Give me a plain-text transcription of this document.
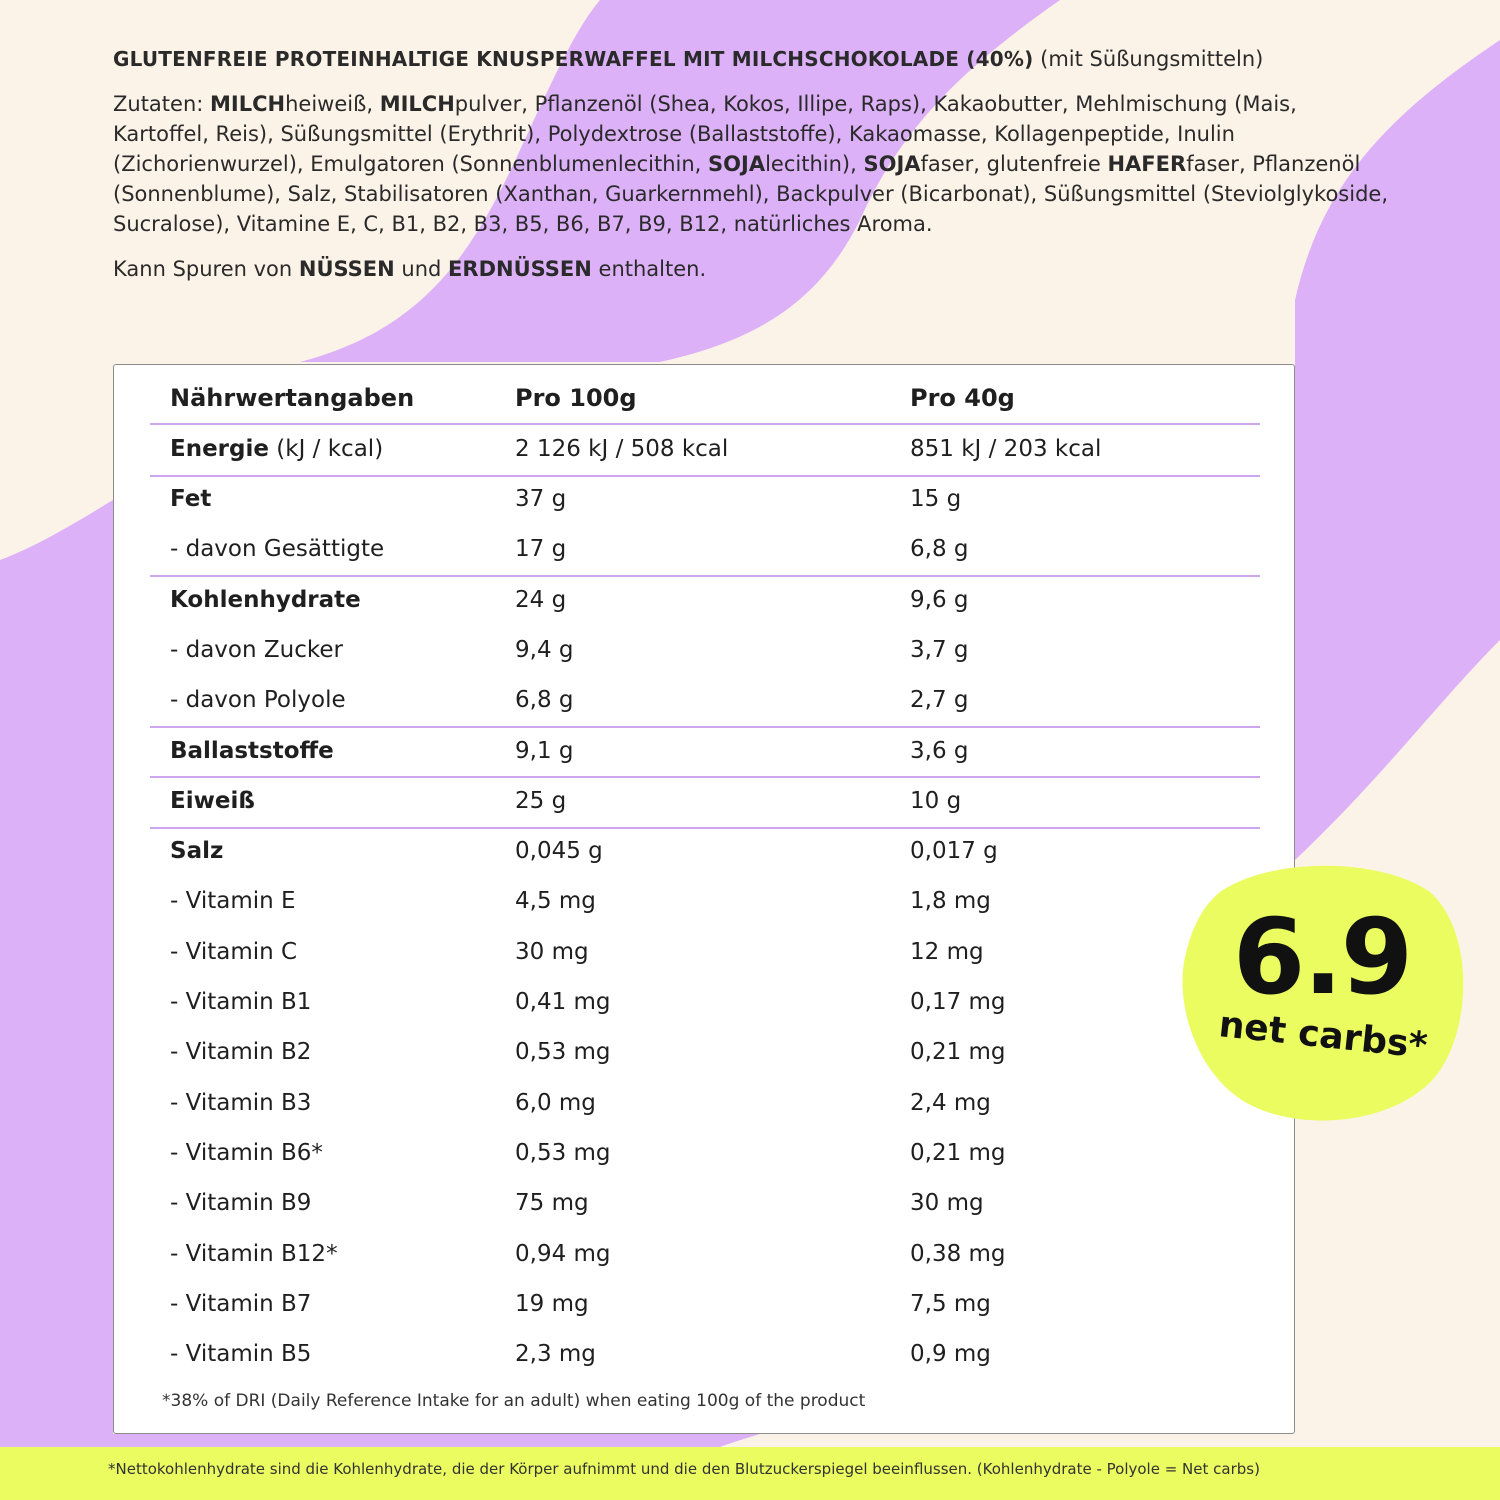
GLUTENFREIE PROTEINHALTIGE KNUSPERWAFFEL MIT MILCHSCHOKOLADE (40%) (mit Süßungsmitteln)

Zutaten: MILCHheiweiß, MILCHpulver, Pflanzenöl (Shea, Kokos, Illipe, Raps), Kakaobutter, Mehlmischung (Mais, Kartoffel, Reis), Süßungsmittel (Erythrit), Polydextrose (Ballaststoffe), Kakaomasse, Kollagenpeptide, Inulin (Zichorienwurzel), Emulgatoren (Sonnenblumenlecithin, SOJAlecithin), SOJAfaser, glutenfreie HAFERfaser, Pflanzenöl (Sonnenblume), Salz, Stabilisatoren (Xanthan, Guarkernmehl), Backpulver (Bicarbonat), Süßungsmittel (Steviolglykoside, Sucralose), Vitamine E, C, B1, B2, B3, B5, B6, B7, B9, B12, natürliches Aroma.

Kann Spuren von NÜSSEN und ERDNÜSSEN enthalten.

Nährwertangaben	Pro 100g	Pro 40g
Energie (kJ / kcal)	2 126 kJ / 508 kcal	851 kJ / 203 kcal
Fet	37 g	15 g
- davon Gesättigte	17 g	6,8 g
Kohlenhydrate	24 g	9,6 g
- davon Zucker	9,4 g	3,7 g
- davon Polyole	6,8 g	2,7 g
Ballaststoffe	9,1 g	3,6 g
Eiweiß	25 g	10 g
Salz	0,045 g	0,017 g
- Vitamin E	4,5 mg	1,8 mg
- Vitamin C	30 mg	12 mg
- Vitamin B1	0,41 mg	0,17 mg
- Vitamin B2	0,53 mg	0,21 mg
- Vitamin B3	6,0 mg	2,4 mg
- Vitamin B6*	0,53 mg	0,21 mg
- Vitamin B9	75 mg	30 mg
- Vitamin B12*	0,94 mg	0,38 mg
- Vitamin B7	19 mg	7,5 mg
- Vitamin B5	2,3 mg	0,9 mg
*38% of DRI (Daily Reference Intake for an adult) when eating 100g of the product
6.9
net carbs*
*Nettokohlenhydrate sind die Kohlenhydrate, die der Körper aufnimmt und die den Blutzuckerspiegel beeinflussen. (Kohlenhydrate - Polyole = Net carbs)
